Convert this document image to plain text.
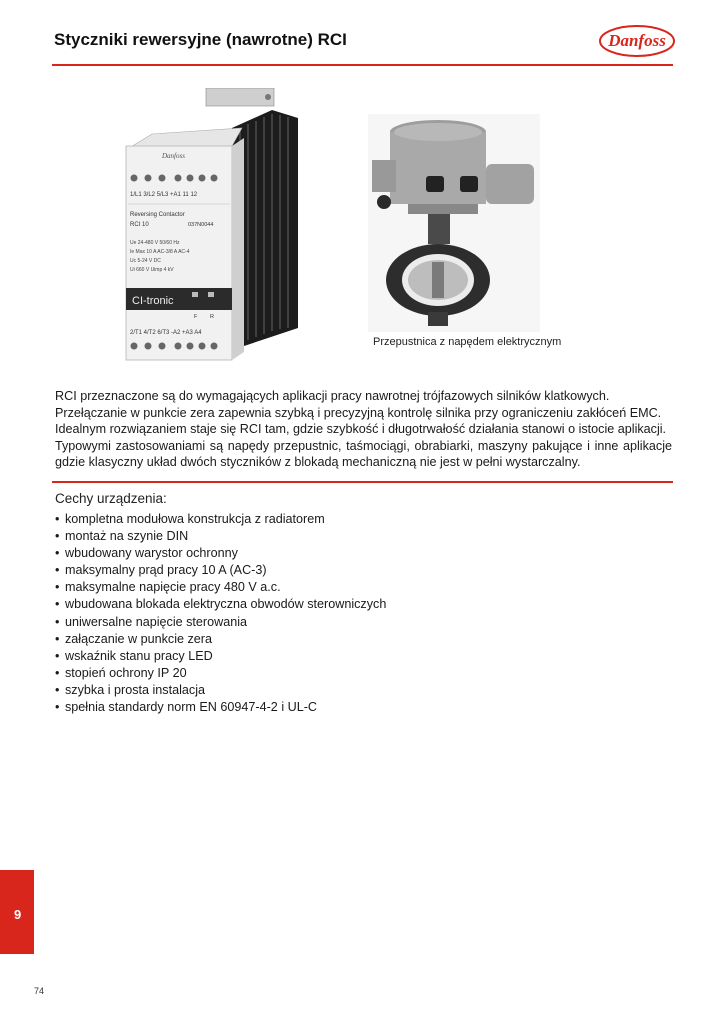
Styczniki rewersyjne (nawrotne) RCI	Danfoss
Danfoss
1/L1 3/L2 5/L3 +A1 11 12
Reversing Contactor
RCI 10	037N0044
Ue 24-480 V 50/60 Hz
Ie Max 10 A AC-3/8 A AC-4
Uc 5-24 V DC
Ui 660 V Uimp 4 kV
CI-tronic
F R
2/T1 4/T2 6/T3 -A2 +A3 A4
Przepustnica z napędem elektrycznym

RCI przeznaczone są do wymagających aplikacji pracy nawrotnej trójfazowych silników klatkowych.

Przełączanie w punkcie zera zapewnia szybką i precyzyjną kontrolę silnika przy ograniczeniu zakłóceń EMC.

Idealnym rozwiązaniem staje się RCI tam, gdzie szybkość i długotrwałość działania stanowi o istocie aplikacji.

Typowymi zastosowaniami są napędy przepustnic, taśmociągi, obrabiarki, maszyny pakujące i inne aplikacje gdzie klasyczny układ dwóch styczników z blokadą mechaniczną nie jest w pełni wystarczalny.

Cechy urządzenia:
• kompletna modułowa konstrukcja z radiatorem
• montaż na szynie DIN
• wbudowany warystor ochronny
• maksymalny prąd pracy 10 A (AC-3)
• maksymalne napięcie pracy 480 V a.c.
• wbudowana blokada elektryczna obwodów sterowniczych
• uniwersalne napięcie sterowania
• załączanie w punkcie zera
• wskaźnik stanu pracy LED
• stopień ochrony IP 20
• szybka i prosta instalacja
• spełnia standardy norm EN 60947-4-2 i UL-C
9
74
